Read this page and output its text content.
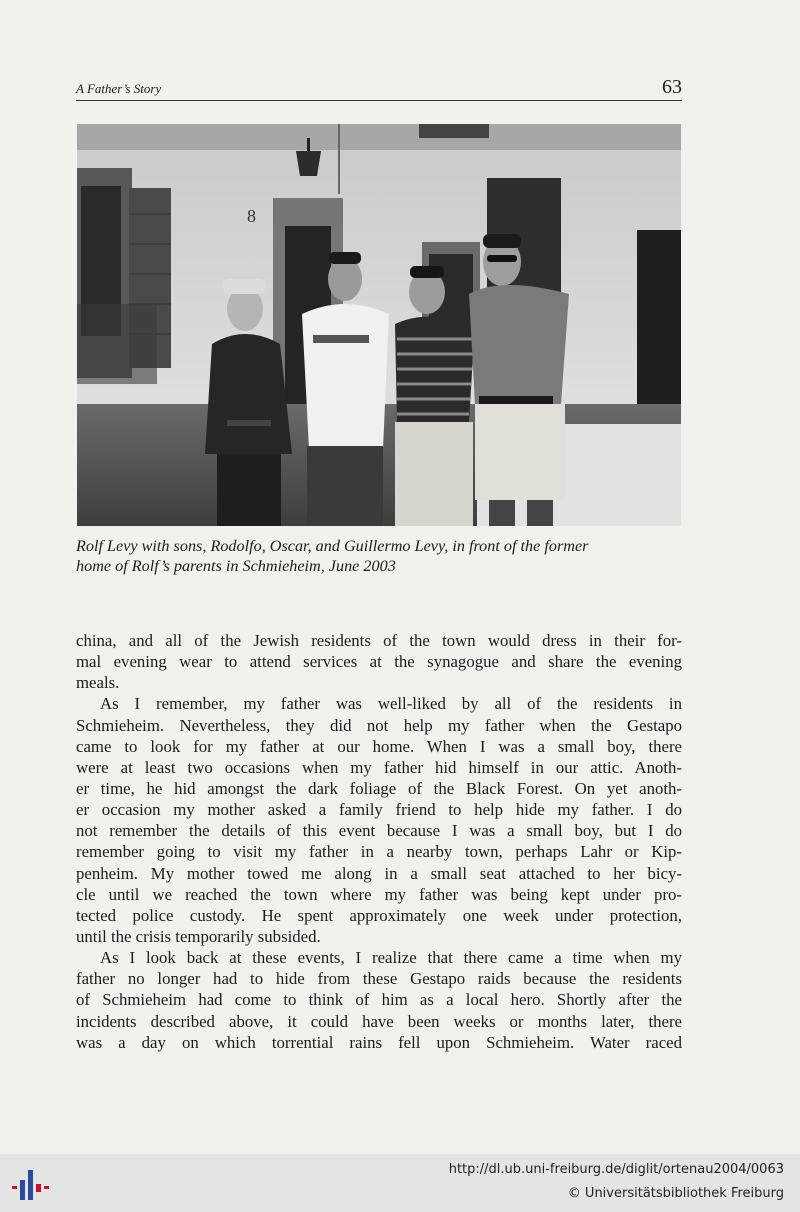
A Father’s Story	63
8
Rolf Levy with sons, Rodolfo, Oscar, and Guillermo Levy, in front of the former
home of Rolf’s parents in Schmieheim, June 2003
china, and all of the Jewish residents of the town would dress in their for-
mal evening wear to attend services at the synagogue and share the evening
meals.
As I remember, my father was well-liked by all of the residents in
Schmieheim. Nevertheless, they did not help my father when the Gestapo
came to look for my father at our home. When I was a small boy, there
were at least two occasions when my father hid himself in our attic. Anoth-
er time, he hid amongst the dark foliage of the Black Forest. On yet anoth-
er occasion my mother asked a family friend to help hide my father. I do
not remember the details of this event because I was a small boy, but I do
remember going to visit my father in a nearby town, perhaps Lahr or Kip-
penheim. My mother towed me along in a small seat attached to her bicy-
cle until we reached the town where my father was being kept under pro-
tected police custody. He spent approximately one week under protection,
until the crisis temporarily subsided.
As I look back at these events, I realize that there came a time when my
father no longer had to hide from these Gestapo raids because the residents
of Schmieheim had come to think of him as a local hero. Shortly after the
incidents described above, it could have been weeks or months later, there
was a day on which torrential rains fell upon Schmieheim. Water raced
http://dl.ub.uni-freiburg.de/diglit/ortenau2004/0063
© Universitätsbibliothek Freiburg
